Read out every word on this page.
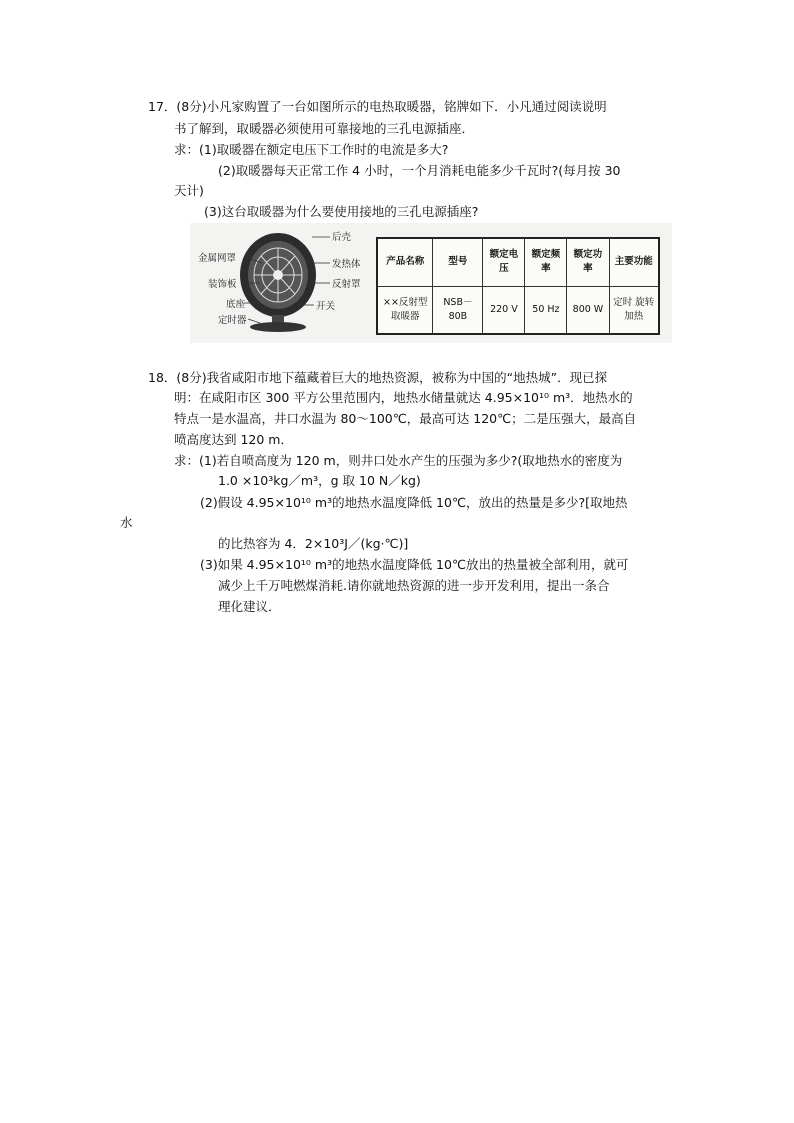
17．(8分)小凡家购置了一台如图所示的电热取暖器，铭牌如下．小凡通过阅读说明
书了解到，取暖器必须使用可靠接地的三孔电源插座．
求：(1)取暖器在额定电压下工作时的电流是多大?
(2)取暖器每天正常工作 4 小时，一个月消耗电能多少千瓦时?(每月按 30
天计)
(3)这台取暖器为什么要使用接地的三孔电源插座?
后壳
金属网罩
发热体
装饰板	反射罩
开关
底座
定时器
产品名称	型号	额定电压	额定频率	额定功率	主要功能
××反射型取暖器	NSB－80B	220 V	50 Hz	800 W	定时 旋转 加热
18．(8分)我省咸阳市地下蕴藏着巨大的地热资源，被称为中国的“地热城”．现已探
明：在咸阳市区 300 平方公里范围内，地热水储量就达 4.95×10¹⁰ m³．地热水的
特点一是水温高，井口水温为 80～100℃，最高可达 120℃；二是压强大，最高自
喷高度达到 120 m．
求：(1)若自喷高度为 120 m，则井口处水产生的压强为多少?(取地热水的密度为
1.0 ×10³kg／m³，g 取 10 N／kg)
(2)假设 4.95×10¹⁰ m³的地热水温度降低 10℃，放出的热量是多少?[取地热
水
的比热容为 4．2×10³J／(kg·℃)]
(3)如果 4.95×10¹⁰ m³的地热水温度降低 10℃放出的热量被全部利用，就可
减少上千万吨燃煤消耗.请你就地热资源的进一步开发利用，提出一条合
理化建议．
